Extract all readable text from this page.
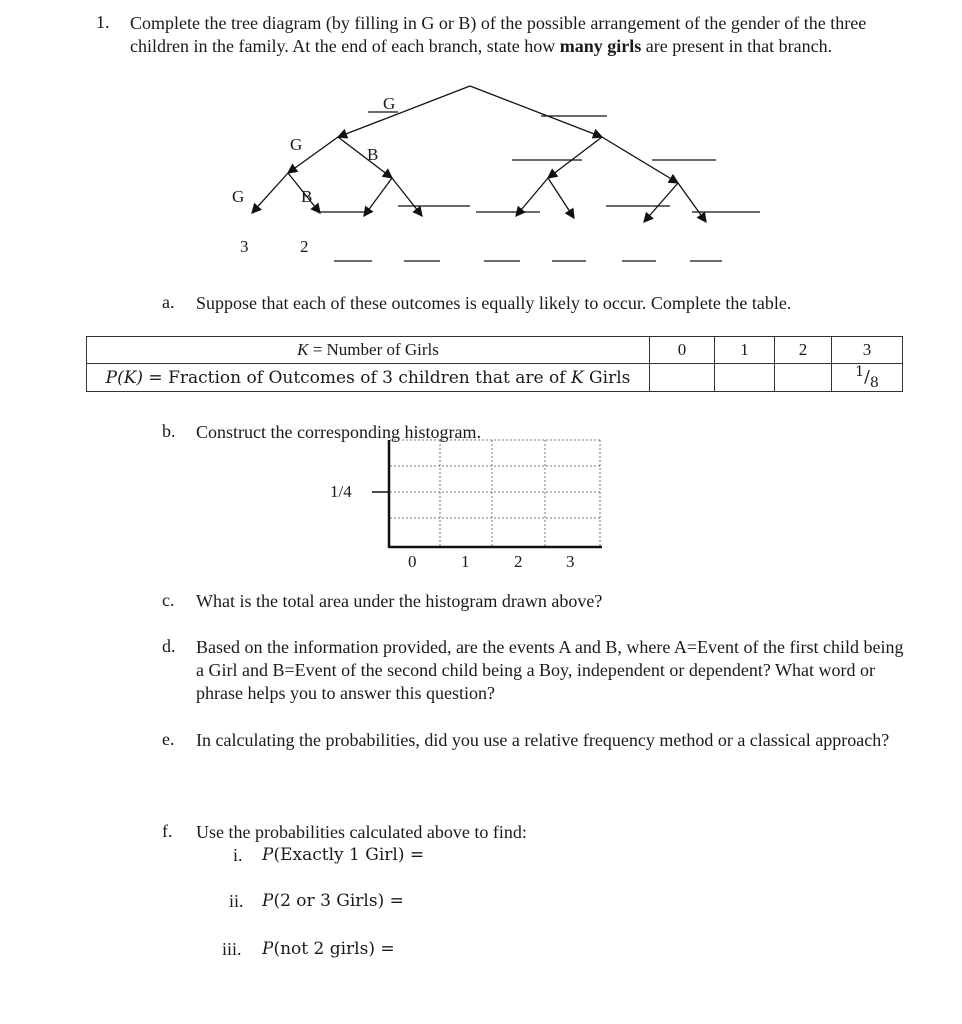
1. Complete the tree diagram (by filling in G or B) of the possible arrangement of the gender of the three children in the family. At the end of each branch, state how many girls are present in that branch.
G
G
B
G	B
3	2
a. Suppose that each of these outcomes is equally likely to occur. Complete the table.
K = Number of Girls	0	1	2	3
P(K) = Fraction of Outcomes of 3 children that are of K Girls				$^1/_8$
b. Construct the corresponding histogram.
1/4
0	1	2	3
c. What is the total area under the histogram drawn above?
d. Based on the information provided, are the events A and B, where A=Event of the first child being a Girl and B=Event of the second child being a Boy, independent or dependent? What word or phrase helps you to answer this question?
e. In calculating the probabilities, did you use a relative frequency method or a classical approach?
f. Use the probabilities calculated above to find:
i. P(Exactly 1 Girl) =
ii. P(2 or 3 Girls) =
iii. P(not 2 girls) =
